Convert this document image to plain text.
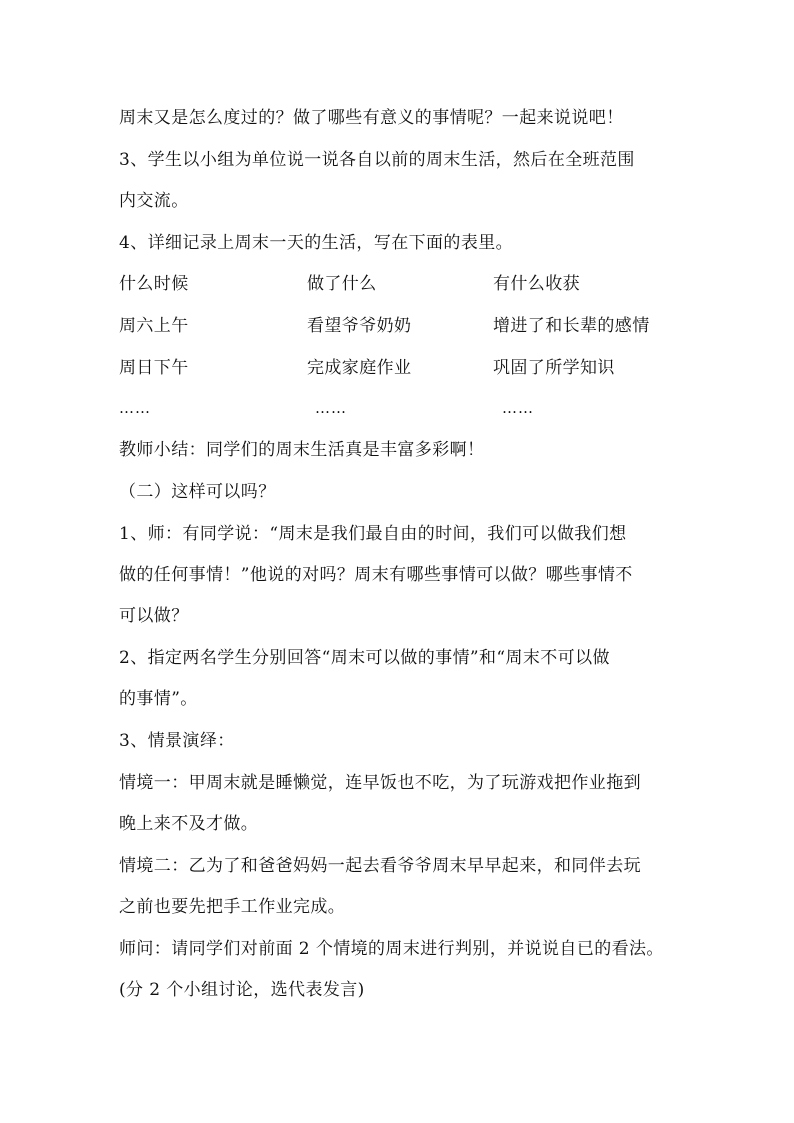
周末又是怎么度过的？做了哪些有意义的事情呢？一起来说说吧！
3、学生以小组为单位说一说各自以前的周末生活，然后在全班范围
内交流。
4、详细记录上周末一天的生活，写在下面的表里。
什么时候	做了什么	有什么收获
周六上午	看望爷爷奶奶	增进了和长辈的感情
周日下午	完成家庭作业	巩固了所学知识
……	……	……
教师小结：同学们的周末生活真是丰富多彩啊！
（二）这样可以吗？
1、师：有同学说：“周末是我们最自由的时间，我们可以做我们想
做的任何事情！”他说的对吗？周末有哪些事情可以做？哪些事情不
可以做？
2、指定两名学生分别回答“周末可以做的事情”和“周末不可以做
的事情”。
3、情景演绎：
情境一：甲周末就是睡懒觉，连早饭也不吃，为了玩游戏把作业拖到
晚上来不及才做。
情境二：乙为了和爸爸妈妈一起去看爷爷周末早早起来，和同伴去玩
之前也要先把手工作业完成。
师问：请同学们对前面 2 个情境的周末进行判别，并说说自已的看法。
(分 2 个小组讨论，选代表发言)
